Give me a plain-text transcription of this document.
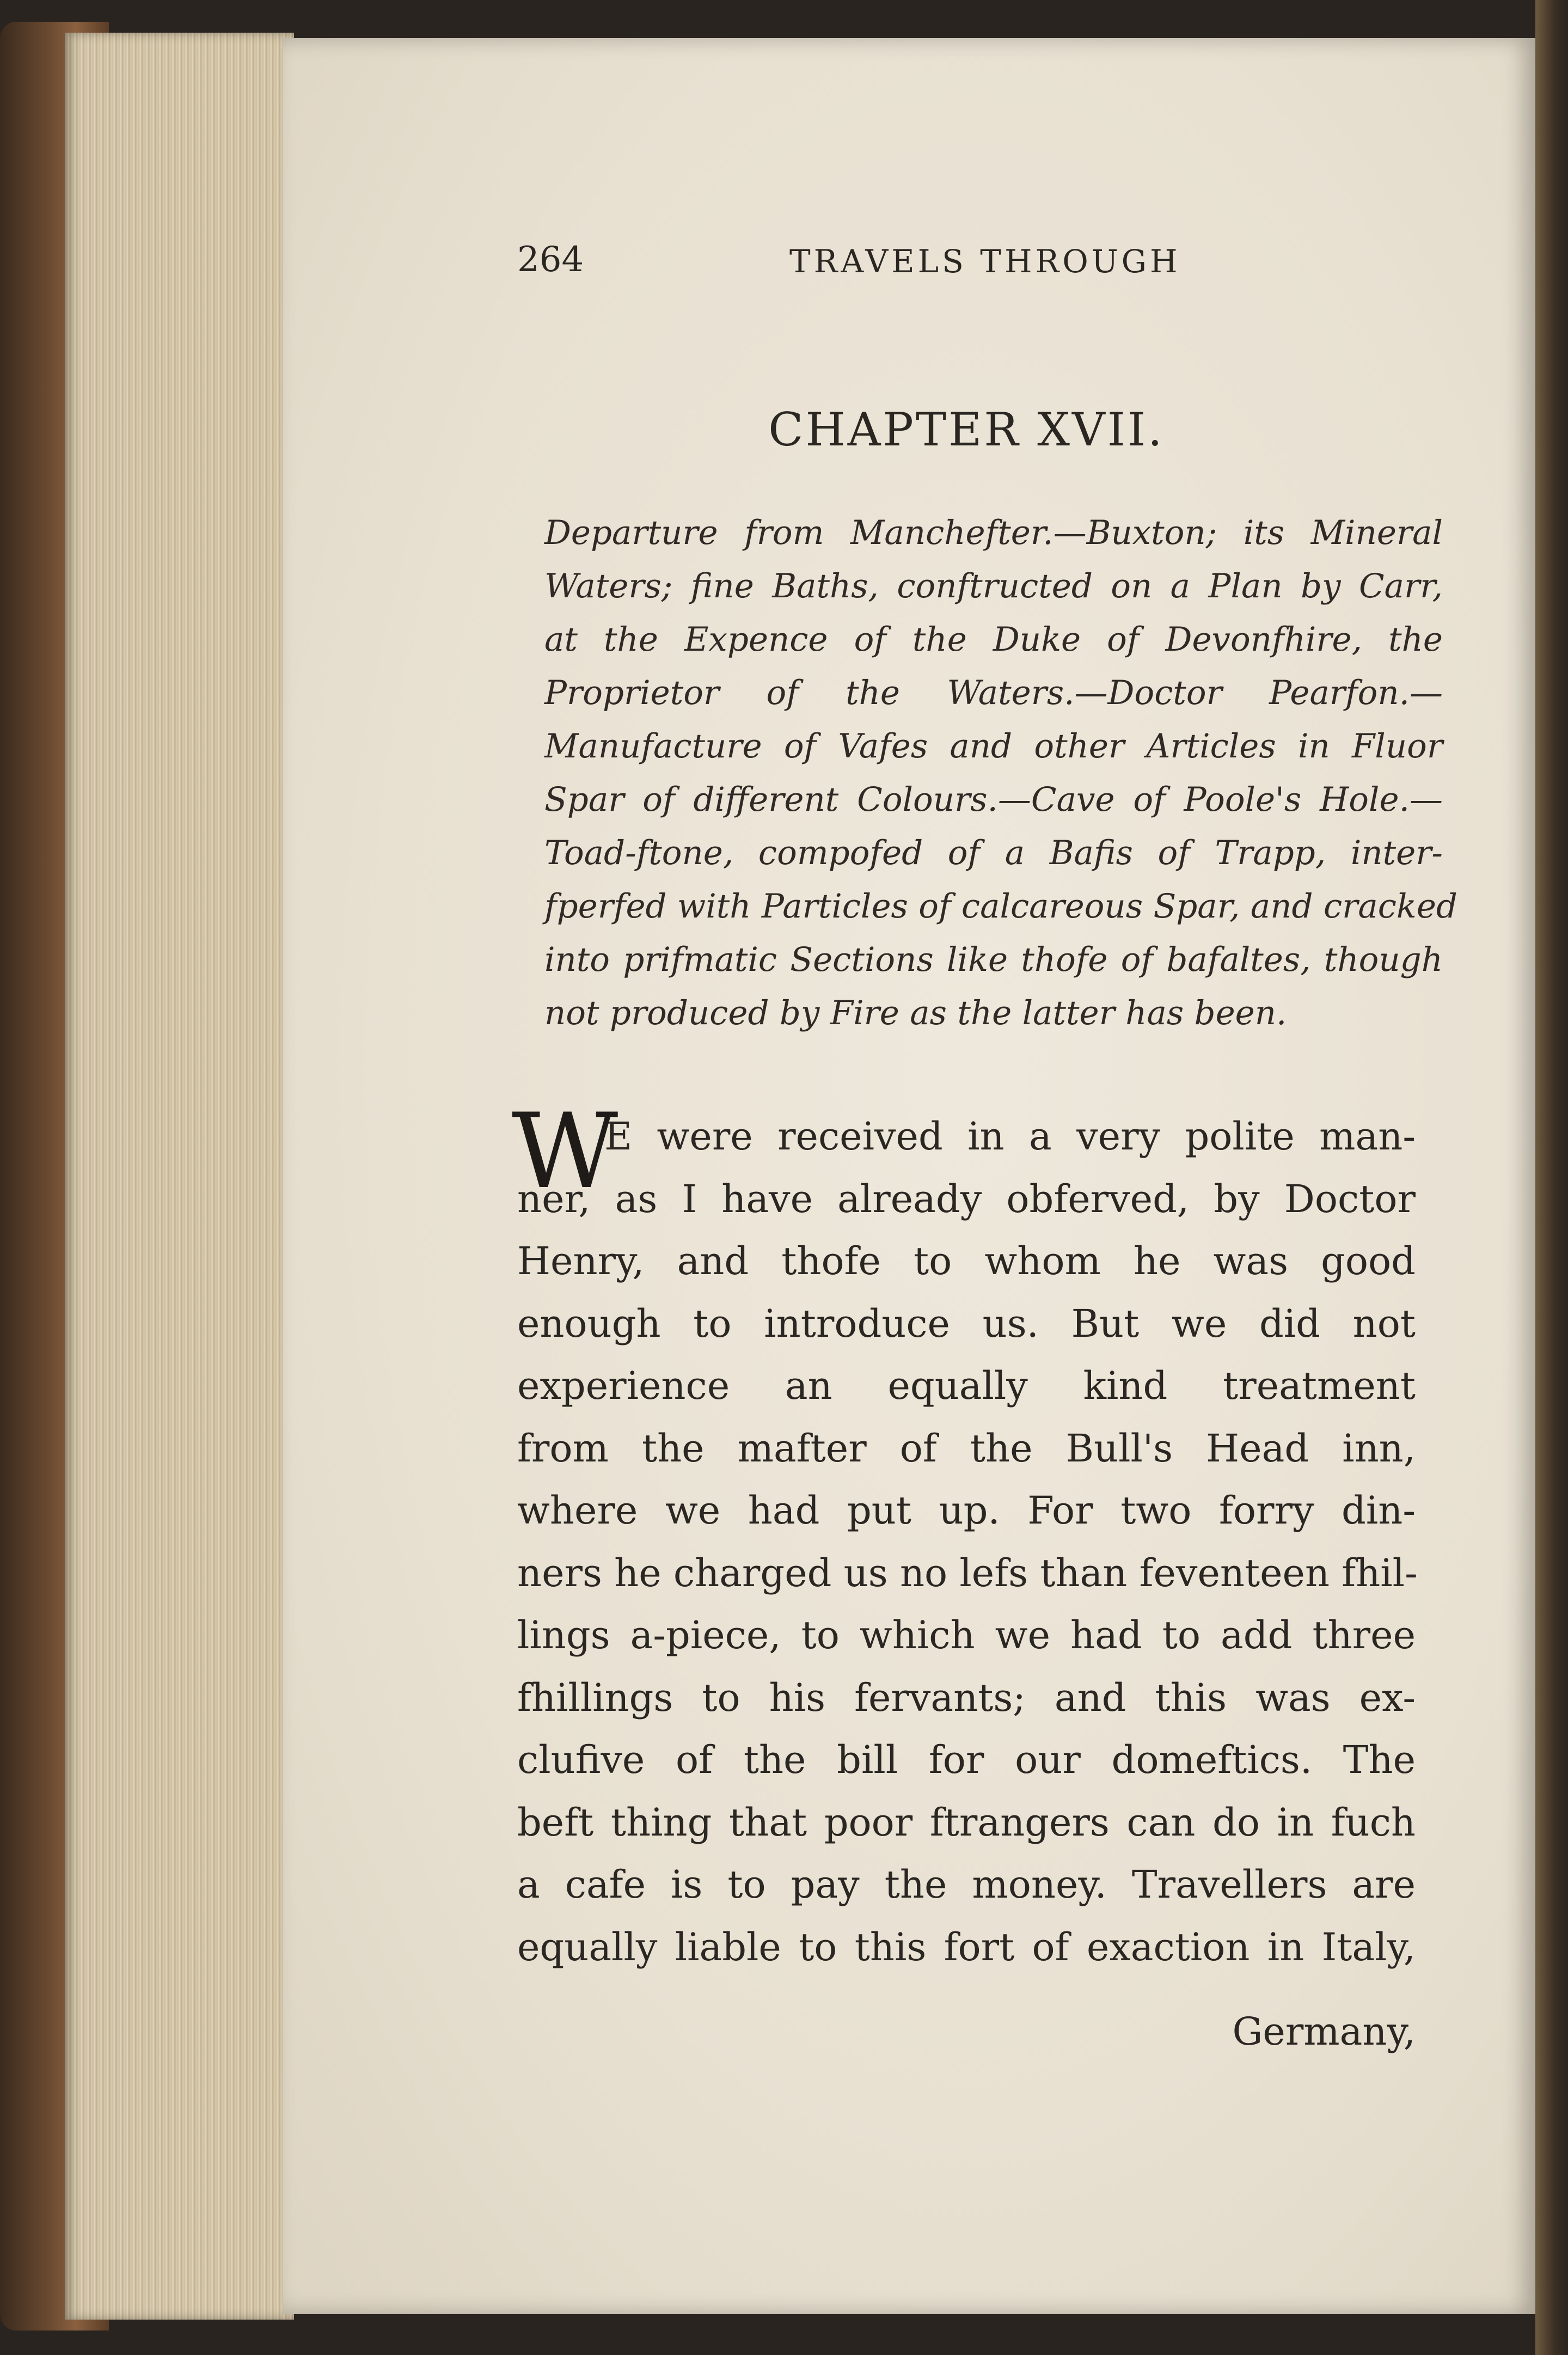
264	TRAVELS THROUGH
CHAPTER XVII.
Departure from Manchefter.—Buxton; its Mineral
Waters; fine Baths, conftructed on a Plan by Carr,
at the Expence of the Duke of Devonfhire, the
Proprietor of the Waters.—Doctor Pearfon.—
Manufacture of Vafes and other Articles in Fluor
Spar of different Colours.—Cave of Poole's Hole.—
Toad-ftone, compofed of a Bafis of Trapp, inter-
fperfed with Particles of calcareous Spar, and cracked
into prifmatic Sections like thofe of bafaltes, though
not produced by Fire as the latter has been.
W
E were received in a very polite man-
ner, as I have already obferved, by Doctor
Henry, and thofe to whom he was good
enough to introduce us. But we did not
experience an equally kind treatment
from the mafter of the Bull's Head inn,
where we had put up. For two forry din-
ners he charged us no lefs than feventeen fhil-
lings a-piece, to which we had to add three
fhillings to his fervants; and this was ex-
clufive of the bill for our domeftics. The
beft thing that poor ftrangers can do in fuch
a cafe is to pay the money. Travellers are
equally liable to this fort of exaction in Italy,
Germany,
